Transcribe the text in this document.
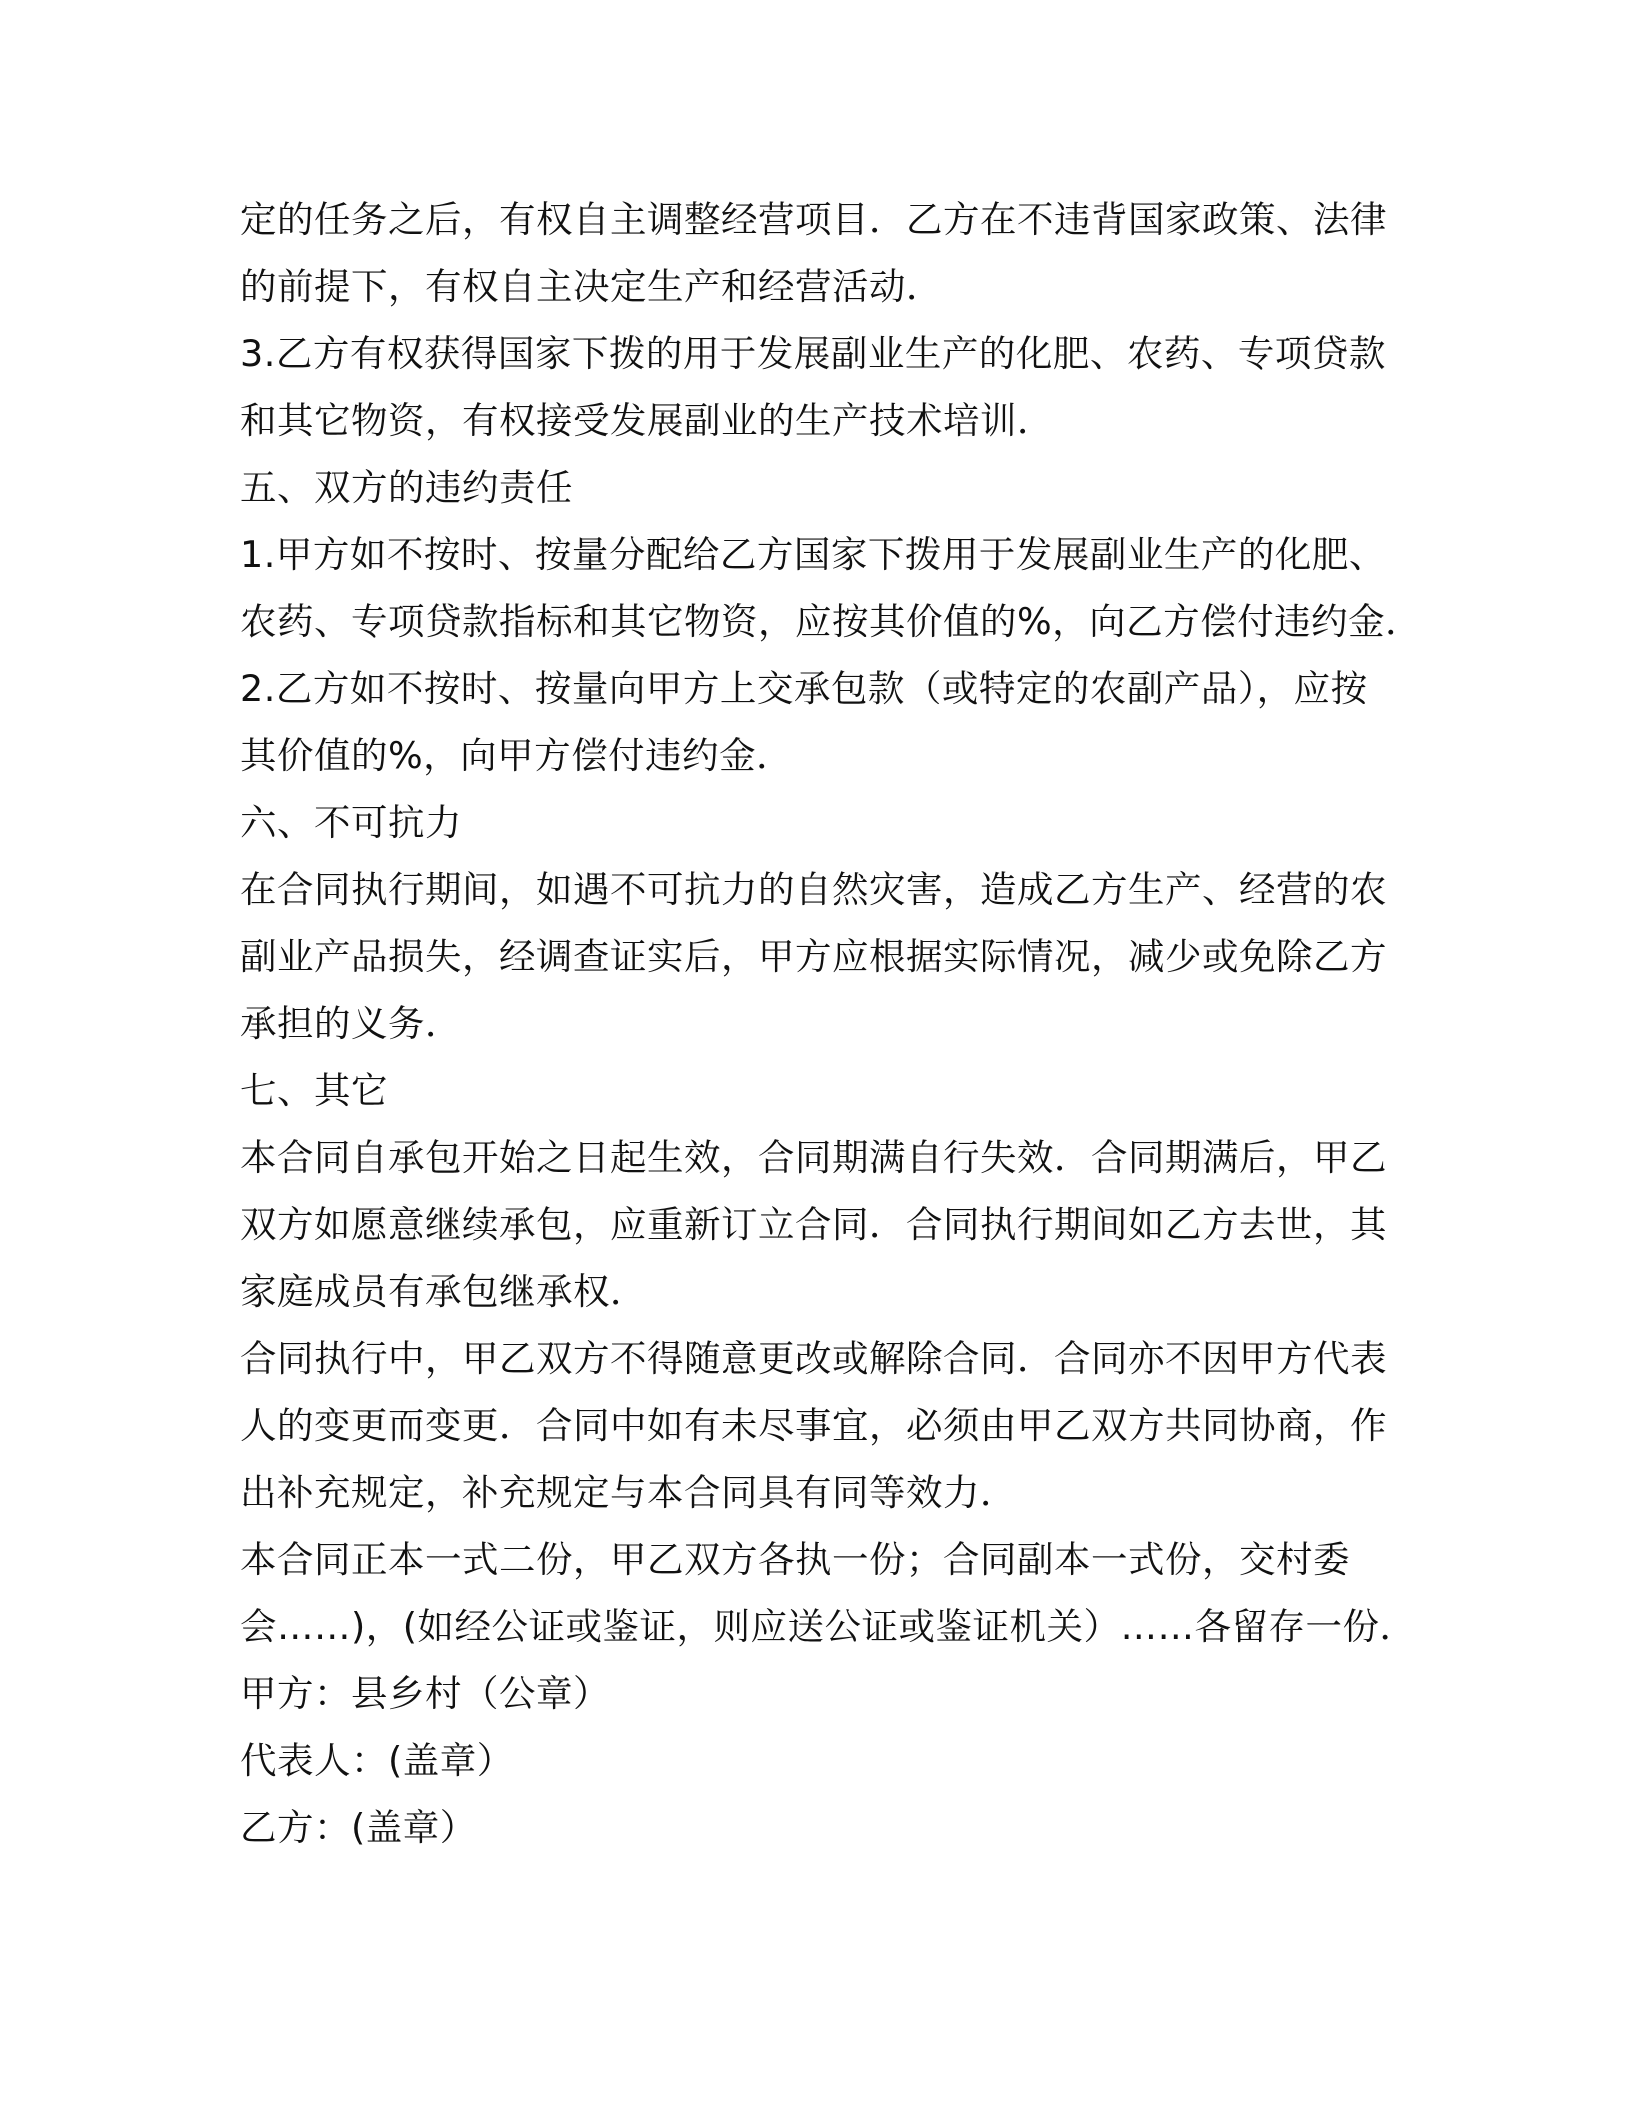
定的任务之后，有权自主调整经营项目．乙方在不违背国家政策、法律
的前提下，有权自主决定生产和经营活动．
3.乙方有权获得国家下拨的用于发展副业生产的化肥、农药、专项贷款
和其它物资，有权接受发展副业的生产技术培训．
五、双方的违约责任
1.甲方如不按时、按量分配给乙方国家下拨用于发展副业生产的化肥、
农药、专项贷款指标和其它物资，应按其价值的%，向乙方偿付违约金．
2.乙方如不按时、按量向甲方上交承包款（或特定的农副产品），应按
其价值的%，向甲方偿付违约金．
六、不可抗力
在合同执行期间，如遇不可抗力的自然灾害，造成乙方生产、经营的农
副业产品损失，经调查证实后，甲方应根据实际情况，减少或免除乙方
承担的义务．
七、其它
本合同自承包开始之日起生效，合同期满自行失效．合同期满后，甲乙
双方如愿意继续承包，应重新订立合同．合同执行期间如乙方去世，其
家庭成员有承包继承权．
合同执行中，甲乙双方不得随意更改或解除合同．合同亦不因甲方代表
人的变更而变更．合同中如有未尽事宜，必须由甲乙双方共同协商，作
出补充规定，补充规定与本合同具有同等效力．
本合同正本一式二份，甲乙双方各执一份；合同副本一式份，交村委
会……)，(如经公证或鉴证，则应送公证或鉴证机关）……各留存一份．
甲方：县乡村（公章）
代表人：(盖章）
乙方：(盖章）
